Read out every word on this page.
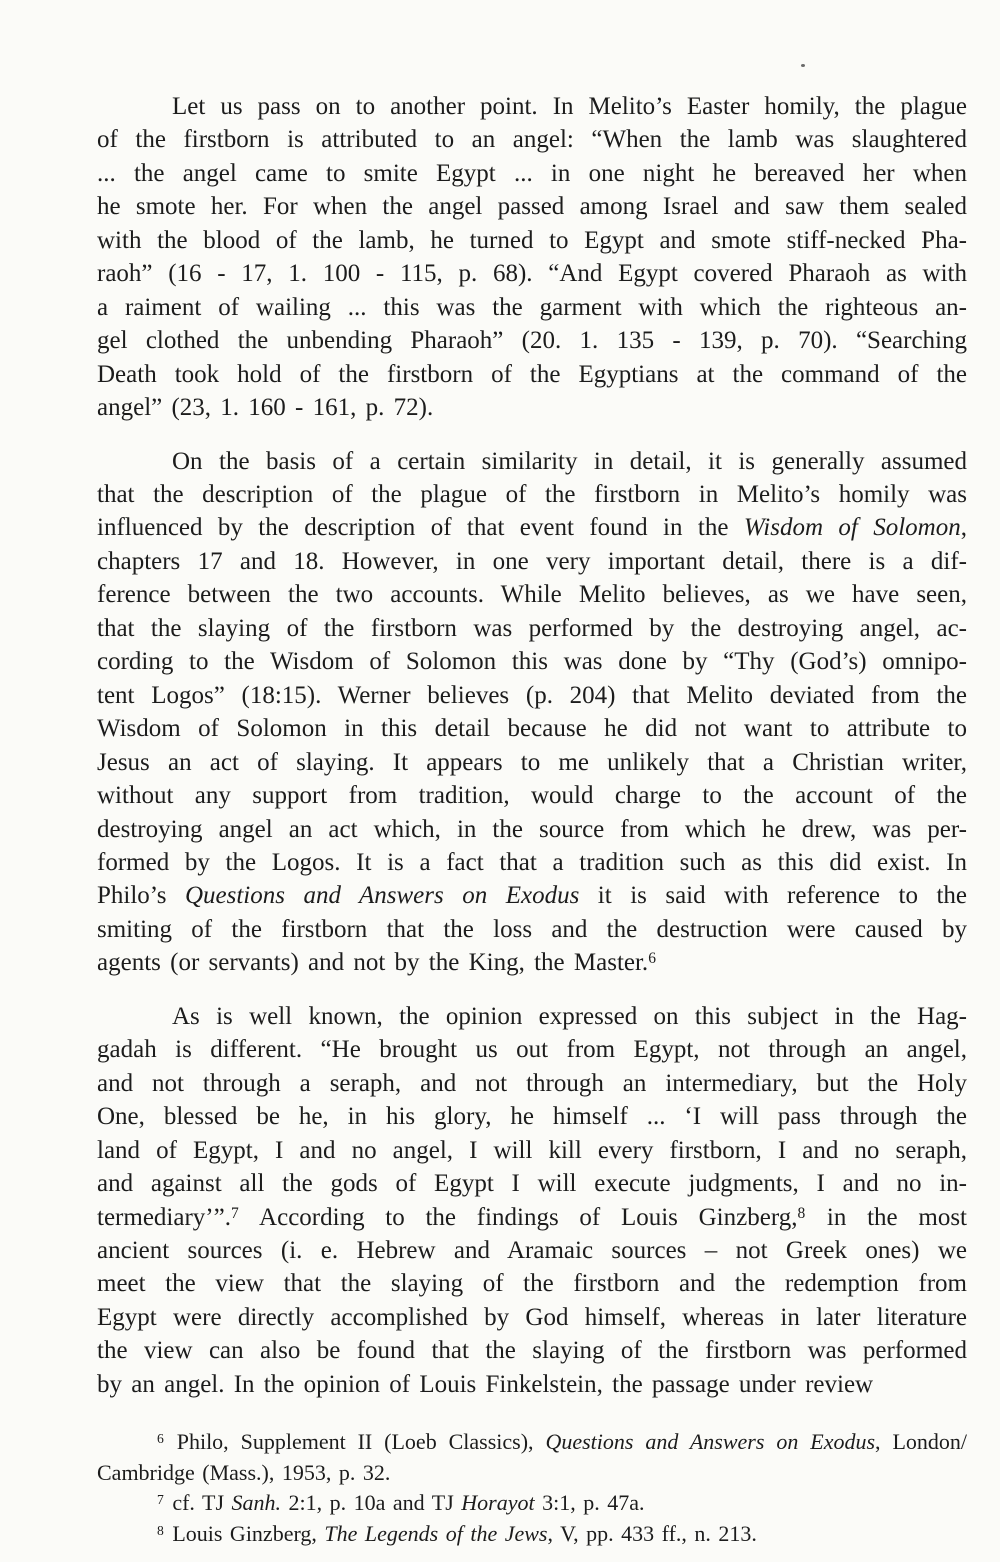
Let us pass on to another point. In Melito’s Easter homily, the plague
of the firstborn is attributed to an angel: “When the lamb was slaughtered
... the angel came to smite Egypt ... in one night he bereaved her when
he smote her. For when the angel passed among Israel and saw them sealed
with the blood of the lamb, he turned to Egypt and smote stiff-necked Pha-
raoh” (16 - 17, 1. 100 - 115, p. 68). “And Egypt covered Pharaoh as with
a raiment of wailing ... this was the garment with which the righteous an-
gel clothed the unbending Pharaoh” (20. 1. 135 - 139, p. 70). “Searching
Death took hold of the firstborn of the Egyptians at the command of the
angel” (23, 1. 160 - 161, p. 72).
On the basis of a certain similarity in detail, it is generally assumed
that the description of the plague of the firstborn in Melito’s homily was
influenced by the description of that event found in the Wisdom of Solomon,
chapters 17 and 18. However, in one very important detail, there is a dif-
ference between the two accounts. While Melito believes, as we have seen,
that the slaying of the firstborn was performed by the destroying angel, ac-
cording to the Wisdom of Solomon this was done by “Thy (God’s) omnipo-
tent Logos” (18:15). Werner believes (p. 204) that Melito deviated from the
Wisdom of Solomon in this detail because he did not want to attribute to
Jesus an act of slaying. It appears to me unlikely that a Christian writer,
without any support from tradition, would charge to the account of the
destroying angel an act which, in the source from which he drew, was per-
formed by the Logos. It is a fact that a tradition such as this did exist. In
Philo’s Questions and Answers on Exodus it is said with reference to the
smiting of the firstborn that the loss and the destruction were caused by
agents (or servants) and not by the King, the Master.$^6$
As is well known, the opinion expressed on this subject in the Hag-
gadah is different. “He brought us out from Egypt, not through an angel,
and not through a seraph, and not through an intermediary, but the Holy
One, blessed be he, in his glory, he himself ... ‘I will pass through the
land of Egypt, I and no angel, I will kill every firstborn, I and no seraph,
and against all the gods of Egypt I will execute judgments, I and no in-
termediary’”.$^7$ According to the findings of Louis Ginzberg,$^8$ in the most
ancient sources (i. e. Hebrew and Aramaic sources – not Greek ones) we
meet the view that the slaying of the firstborn and the redemption from
Egypt were directly accomplished by God himself, whereas in later literature
the view can also be found that the slaying of the firstborn was performed
by an angel. In the opinion of Louis Finkelstein, the passage under review
$^6$ Philo, Supplement II (Loeb Classics), Questions and Answers on Exodus, London/
Cambridge (Mass.), 1953, p. 32.
$^7$ cf. TJ Sanh. 2:1, p. 10a and TJ Horayot 3:1, p. 47a.
$^8$ Louis Ginzberg, The Legends of the Jews, V, pp. 433 ff., n. 213.
